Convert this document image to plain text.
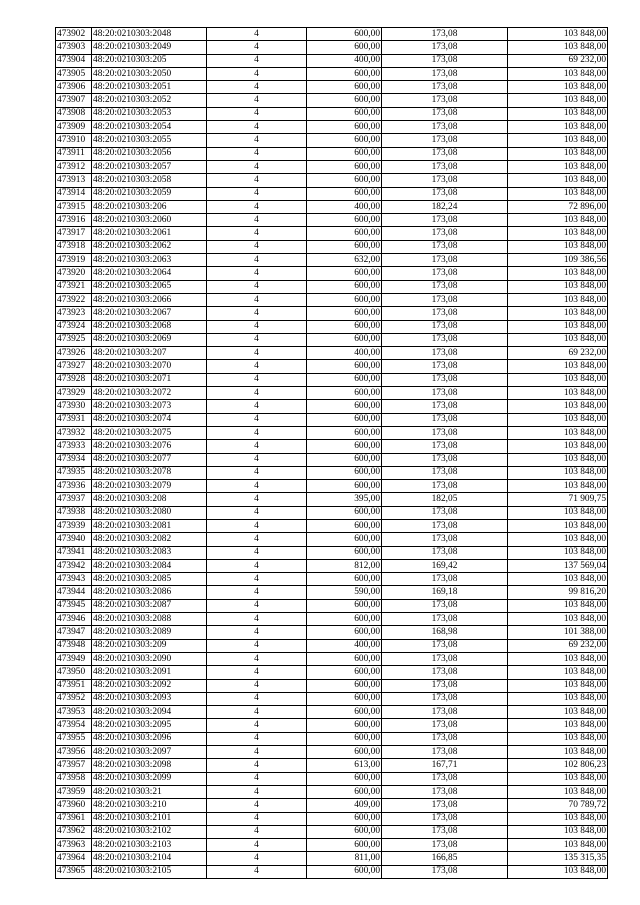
473902	48:20:0210303:2048	4	600,00	173,08	103 848,00
473903	48:20:0210303:2049	4	600,00	173,08	103 848,00
473904	48:20:0210303:205	4	400,00	173,08	69 232,00
473905	48:20:0210303:2050	4	600,00	173,08	103 848,00
473906	48:20:0210303:2051	4	600,00	173,08	103 848,00
473907	48:20:0210303:2052	4	600,00	173,08	103 848,00
473908	48:20:0210303:2053	4	600,00	173,08	103 848,00
473909	48:20:0210303:2054	4	600,00	173,08	103 848,00
473910	48:20:0210303:2055	4	600,00	173,08	103 848,00
473911	48:20:0210303:2056	4	600,00	173,08	103 848,00
473912	48:20:0210303:2057	4	600,00	173,08	103 848,00
473913	48:20:0210303:2058	4	600,00	173,08	103 848,00
473914	48:20:0210303:2059	4	600,00	173,08	103 848,00
473915	48:20:0210303:206	4	400,00	182,24	72 896,00
473916	48:20:0210303:2060	4	600,00	173,08	103 848,00
473917	48:20:0210303:2061	4	600,00	173,08	103 848,00
473918	48:20:0210303:2062	4	600,00	173,08	103 848,00
473919	48:20:0210303:2063	4	632,00	173,08	109 386,56
473920	48:20:0210303:2064	4	600,00	173,08	103 848,00
473921	48:20:0210303:2065	4	600,00	173,08	103 848,00
473922	48:20:0210303:2066	4	600,00	173,08	103 848,00
473923	48:20:0210303:2067	4	600,00	173,08	103 848,00
473924	48:20:0210303:2068	4	600,00	173,08	103 848,00
473925	48:20:0210303:2069	4	600,00	173,08	103 848,00
473926	48:20:0210303:207	4	400,00	173,08	69 232,00
473927	48:20:0210303:2070	4	600,00	173,08	103 848,00
473928	48:20:0210303:2071	4	600,00	173,08	103 848,00
473929	48:20:0210303:2072	4	600,00	173,08	103 848,00
473930	48:20:0210303:2073	4	600,00	173,08	103 848,00
473931	48:20:0210303:2074	4	600,00	173,08	103 848,00
473932	48:20:0210303:2075	4	600,00	173,08	103 848,00
473933	48:20:0210303:2076	4	600,00	173,08	103 848,00
473934	48:20:0210303:2077	4	600,00	173,08	103 848,00
473935	48:20:0210303:2078	4	600,00	173,08	103 848,00
473936	48:20:0210303:2079	4	600,00	173,08	103 848,00
473937	48:20:0210303:208	4	395,00	182,05	71 909,75
473938	48:20:0210303:2080	4	600,00	173,08	103 848,00
473939	48:20:0210303:2081	4	600,00	173,08	103 848,00
473940	48:20:0210303:2082	4	600,00	173,08	103 848,00
473941	48:20:0210303:2083	4	600,00	173,08	103 848,00
473942	48:20:0210303:2084	4	812,00	169,42	137 569,04
473943	48:20:0210303:2085	4	600,00	173,08	103 848,00
473944	48:20:0210303:2086	4	590,00	169,18	99 816,20
473945	48:20:0210303:2087	4	600,00	173,08	103 848,00
473946	48:20:0210303:2088	4	600,00	173,08	103 848,00
473947	48:20:0210303:2089	4	600,00	168,98	101 388,00
473948	48:20:0210303:209	4	400,00	173,08	69 232,00
473949	48:20:0210303:2090	4	600,00	173,08	103 848,00
473950	48:20:0210303:2091	4	600,00	173,08	103 848,00
473951	48:20:0210303:2092	4	600,00	173,08	103 848,00
473952	48:20:0210303:2093	4	600,00	173,08	103 848,00
473953	48:20:0210303:2094	4	600,00	173,08	103 848,00
473954	48:20:0210303:2095	4	600,00	173,08	103 848,00
473955	48:20:0210303:2096	4	600,00	173,08	103 848,00
473956	48:20:0210303:2097	4	600,00	173,08	103 848,00
473957	48:20:0210303:2098	4	613,00	167,71	102 806,23
473958	48:20:0210303:2099	4	600,00	173,08	103 848,00
473959	48:20:0210303:21	4	600,00	173,08	103 848,00
473960	48:20:0210303:210	4	409,00	173,08	70 789,72
473961	48:20:0210303:2101	4	600,00	173,08	103 848,00
473962	48:20:0210303:2102	4	600,00	173,08	103 848,00
473963	48:20:0210303:2103	4	600,00	173,08	103 848,00
473964	48:20:0210303:2104	4	811,00	166,85	135 315,35
473965	48:20:0210303:2105	4	600,00	173,08	103 848,00
